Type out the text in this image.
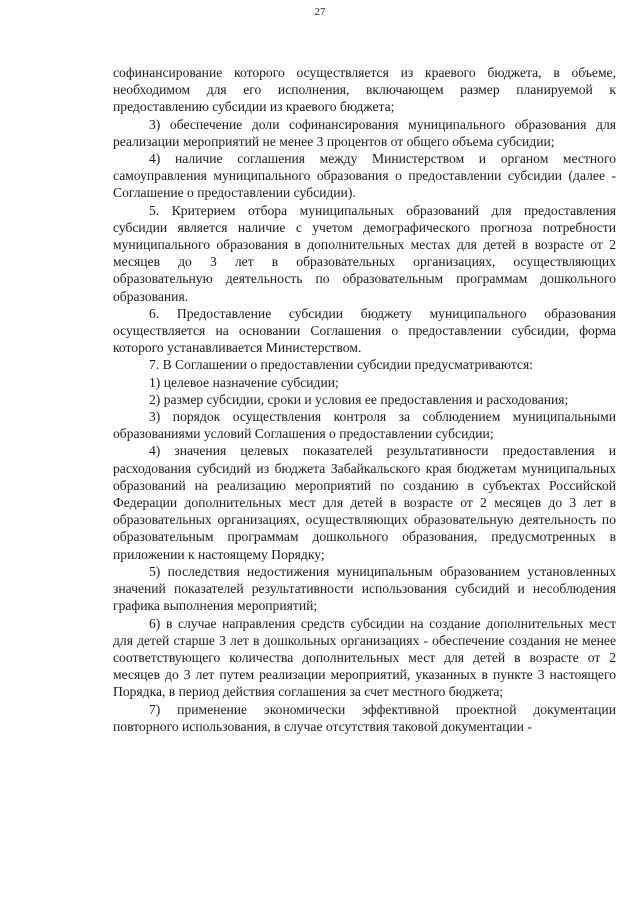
27

софинансирование которого осуществляется из краевого бюджета, в объеме, необходимом для его исполнения, включающем размер планируемой к предоставлению субсидии из краевого бюджета;

3) обеспечение доли софинансирования муниципального образования для реализации мероприятий не менее 3 процентов от общего объема субсидии;

4) наличие соглашения между Министерством и органом местного самоуправления муниципального образования о предоставлении субсидии (далее - Соглашение о предоставлении субсидии).

5. Критерием отбора муниципальных образований для предоставления субсидии является наличие с учетом демографического прогноза потребности муниципального образования в дополнительных местах для детей в возрасте от 2 месяцев до 3 лет в образовательных организациях, осуществляющих образовательную деятельность по образовательным программам дошкольного образования.

6. Предоставление субсидии бюджету муниципального образования осуществляется на основании Соглашения о предоставлении субсидии, форма которого устанавливается Министерством.

7. В Соглашении о предоставлении субсидии предусматриваются:

1) целевое назначение субсидии;

2) размер субсидии, сроки и условия ее предоставления и расходования;

3) порядок осуществления контроля за соблюдением муниципальными образованиями условий Соглашения о предоставлении субсидии;

4) значения целевых показателей результативности предоставления и расходования субсидий из бюджета Забайкальского края бюджетам муниципальных образований на реализацию мероприятий по созданию в субъектах Российской Федерации дополнительных мест для детей в возрасте от 2 месяцев до 3 лет в образовательных организациях, осуществляющих образовательную деятельность по образовательным программам дошкольного образования, предусмотренных в приложении к настоящему Порядку;

5) последствия недостижения муниципальным образованием установленных значений показателей результативности использования субсидий и несоблюдения графика выполнения мероприятий;

6) в случае направления средств субсидии на создание дополнительных мест для детей старше 3 лет в дошкольных организациях - обеспечение создания не менее соответствующего количества дополнительных мест для детей в возрасте от 2 месяцев до 3 лет путем реализации мероприятий, указанных в пункте 3 настоящего Порядка, в период действия соглашения за счет местного бюджета;

7) применение экономически эффективной проектной документации повторного использования, в случае отсутствия таковой документации -
